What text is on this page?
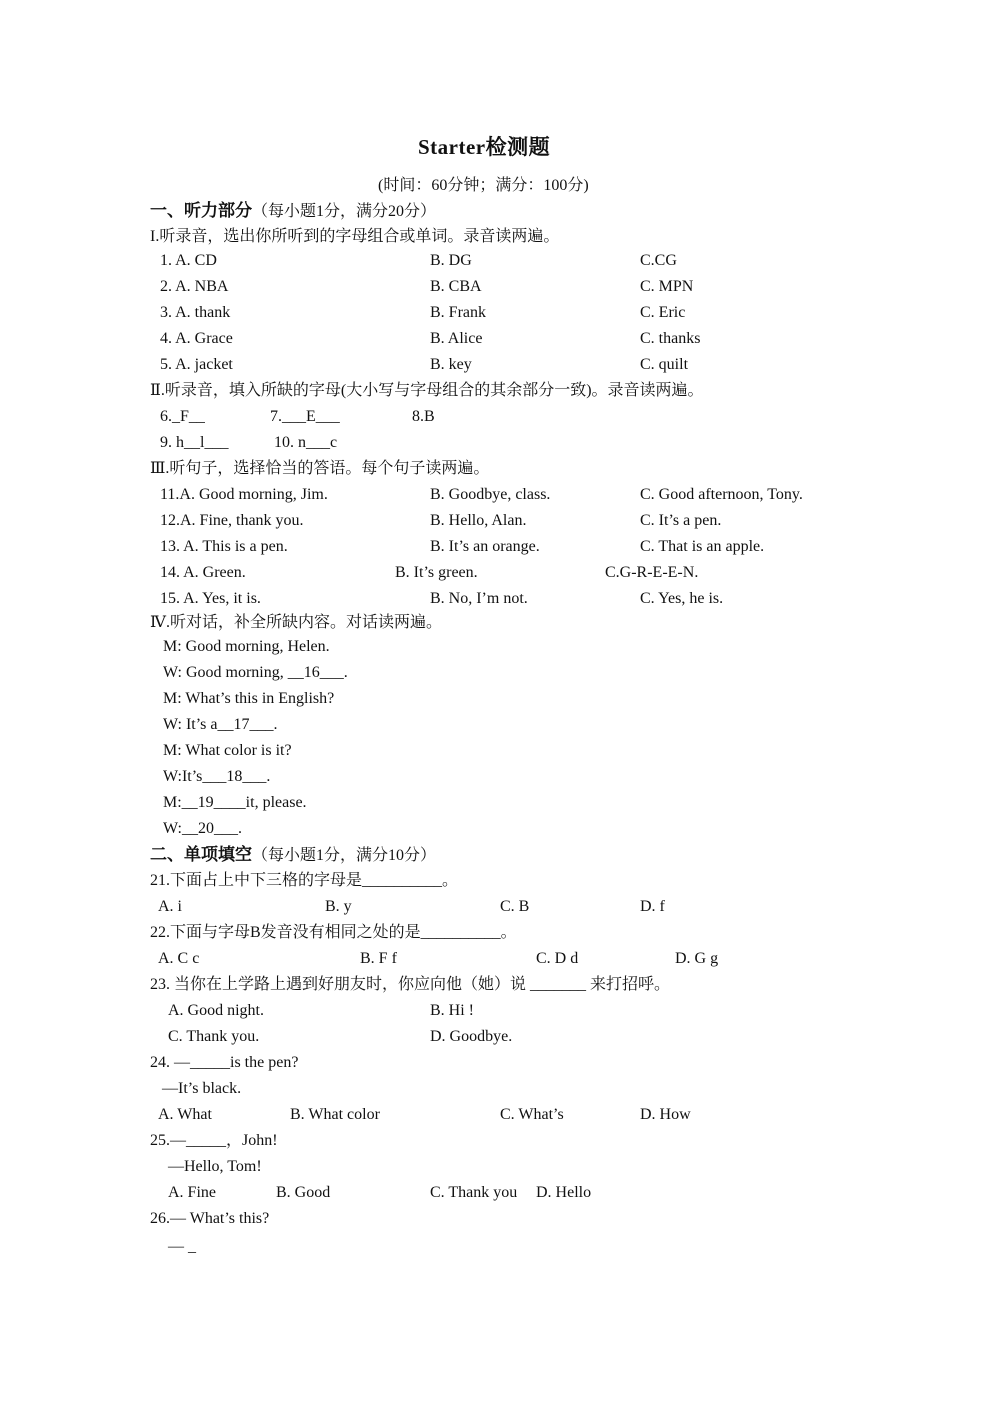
Starter检测题
(时间：60分钟；满分：100分)
一、听力部分（每小题1分，满分20分）
I.听录音，选出你所听到的字母组合或单词。录音读两遍。
1. A. CD	B. DG	C.CG
2. A. NBA	B. CBA	C. MPN
3. A. thank	B. Frank	C. Eric
4. A. Grace	B. Alice	C. thanks
5. A. jacket	B. key	C. quilt
Ⅱ.听录音，填入所缺的字母(大小写与字母组合的其余部分一致)。录音读两遍。
6._F__	7.___E___	8.B
9. h__l___	10. n___c
Ⅲ.听句子，选择恰当的答语。每个句子读两遍。
11.A. Good morning, Jim.	B. Goodbye, class.	C. Good afternoon, Tony.
12.A. Fine, thank you.	B. Hello, Alan.	C. It’s a pen.
13. A. This is a pen.	B. It’s an orange.	C. That is an apple.
14. A. Green.	B. It’s green.	C.G-R-E-E-N.
15. A. Yes, it is.	B. No, I’m not.	C. Yes, he is.
Ⅳ.听对话，补全所缺内容。对话读两遍。
M: Good morning, Helen.
W: Good morning, __16___.
M: What’s this in English?
W: It’s a__17___.
M: What color is it?
W:It’s___18___.
M:__19____it, please.
W:__20___.
二、单项填空（每小题1分，满分10分）
21.下面占上中下三格的字母是__________。
A. i	B. y	C. B	D. f
22.下面与字母B发音没有相同之处的是__________。
A. C c	B. F f	C. D d	D. G g
23. 当你在上学路上遇到好朋友时，你应向他（她）说 _______ 来打招呼。
A. Good night.	B. Hi !
C. Thank you.	D. Goodbye.
24. —_____is the pen?
—It’s black.
A. What	B. What color	C. What’s	D. How
25.—_____，John!
—Hello, Tom!
A. Fine	B. Good	C. Thank you D. Hello
26.— What’s this?
— _
